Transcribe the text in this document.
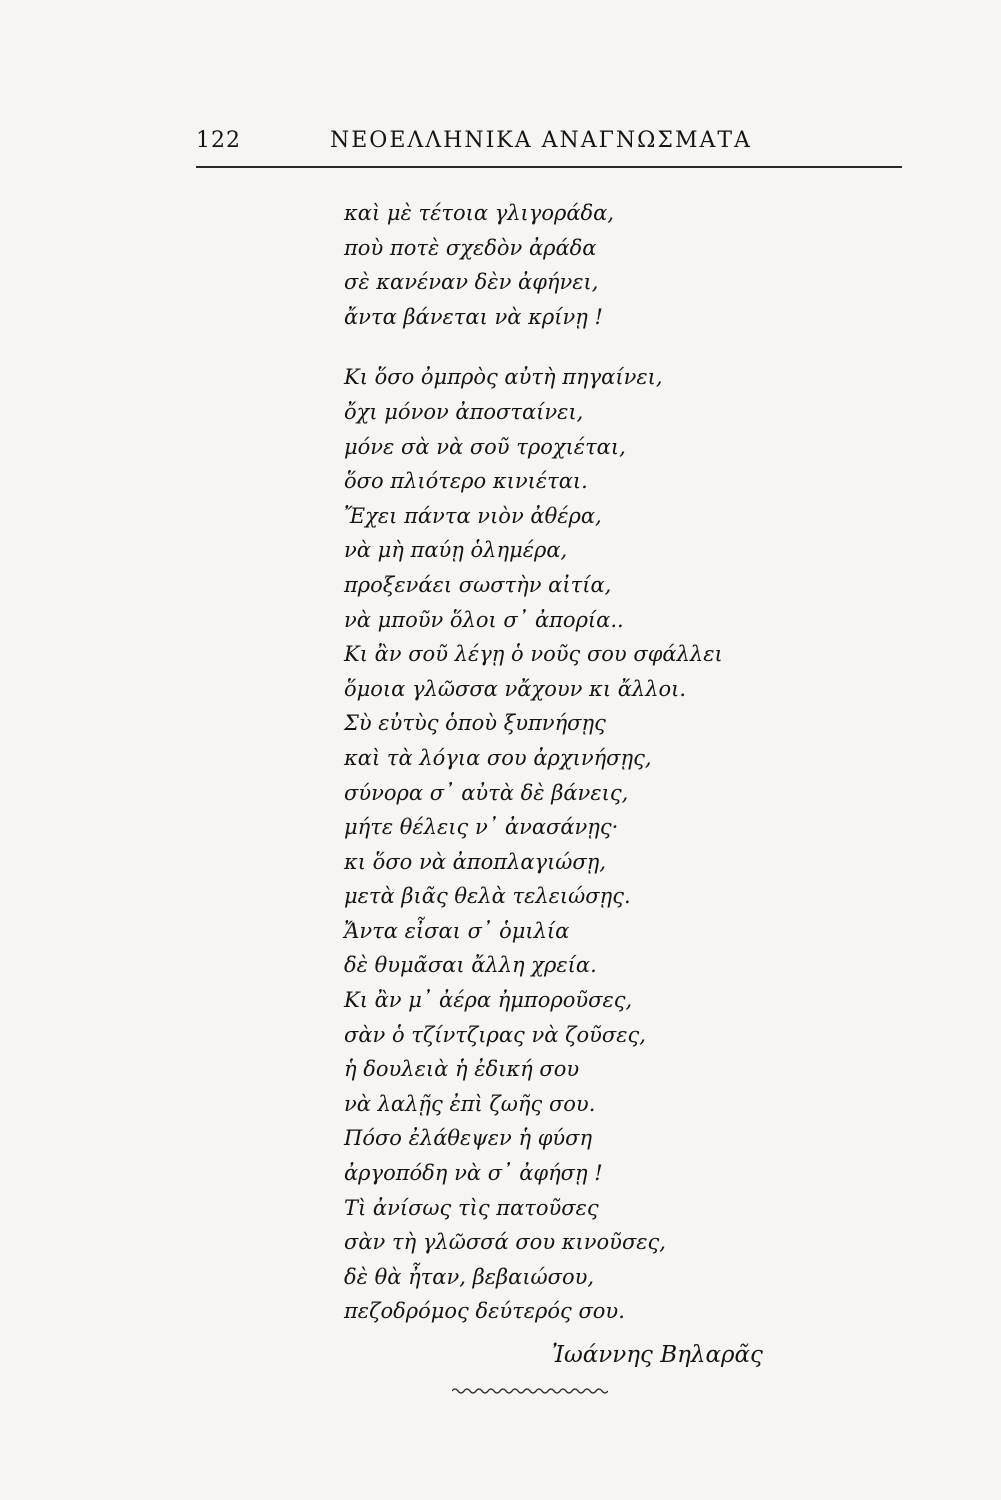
122	ΝΕΟΕΛΛΗΝΙΚΑ ΑΝΑΓΝΩΣΜΑΤΑ
καὶ μὲ τέτοια γλιγοράδα,
ποὺ ποτὲ σχεδὸν ἀράδα
σὲ κανέναν δὲν ἀφήνει,
ἄντα βάνεται νὰ κρίνῃ !
Κι ὅσο ὀμπρὸς αὐτὴ πηγαίνει,
ὄχι μόνον ἀποσταίνει,
μόνε σὰ νὰ σοῦ τροχιέται,
ὅσο πλιότερο κινιέται.
Ἔχει πάντα νιὸν ἀθέρα,
νὰ μὴ παύῃ ὁλημέρα,
προξενάει σωστὴν αἰτία,
νὰ μποῦν ὅλοι σ᾽ ἀπορία..
Κι ἂν σοῦ λέγῃ ὁ νοῦς σου σφάλλει
ὅμοια γλῶσσα νἄχουν κι ἄλλοι.
Σὺ εὐτὺς ὁποὺ ξυπνήσῃς
καὶ τὰ λόγια σου ἀρχινήσῃς,
σύνορα σ᾽ αὐτὰ δὲ βάνεις,
μήτε θέλεις ν᾽ ἀνασάνῃς·
κι ὅσο νὰ ἀποπλαγιώσῃ,
μετὰ βιᾶς θελὰ τελειώσῃς.
Ἄντα εἶσαι σ᾽ ὁμιλία
δὲ θυμᾶσαι ἄλλη χρεία.
Κι ἂν μ᾽ ἀέρα ἠμποροῦσες,
σὰν ὁ τζίντζιρας νὰ ζοῦσες,
ἡ δουλειὰ ἡ ἐδική σου
νὰ λαλῇς ἐπὶ ζωῆς σου.
Πόσο ἐλάθεψεν ἡ φύση
ἀργοπόδη νὰ σ᾽ ἀφήσῃ !
Τὶ ἀνίσως τὶς πατοῦσες
σὰν τὴ γλῶσσά σου κινοῦσες,
δὲ θὰ ἦταν, βεβαιώσου,
πεζοδρόμος δεύτερός σου.
Ἰωάννης Βηλαρᾶς
